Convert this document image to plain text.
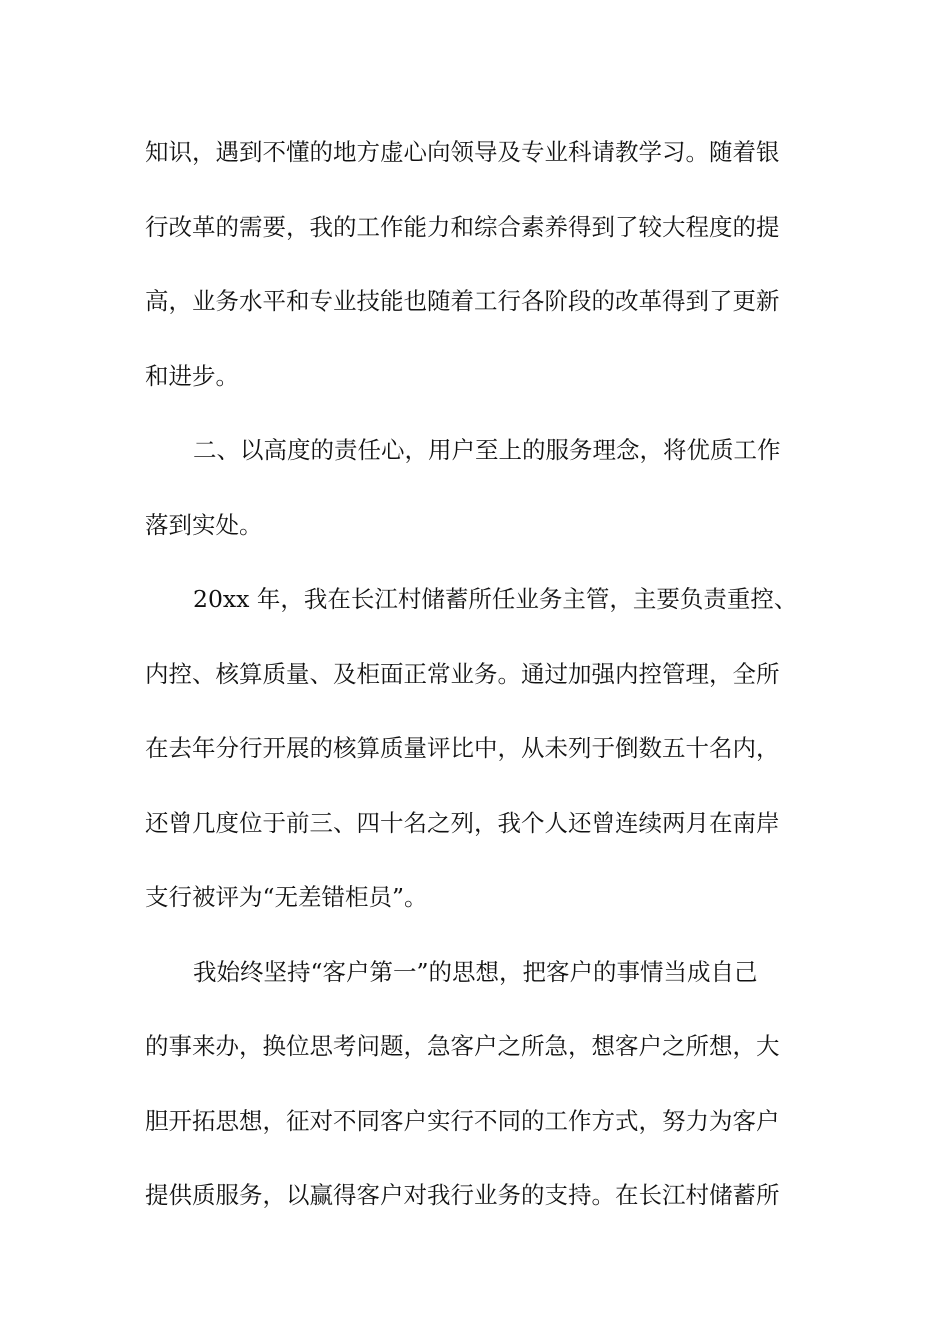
知识，遇到不懂的地方虚心向领导及专业科请教学习。随着银
行改革的需要，我的工作能力和综合素养得到了较大程度的提
高，业务水平和专业技能也随着工行各阶段的改革得到了更新
和进步。
二、以高度的责任心，用户至上的服务理念，将优质工作
落到实处。
20xx 年，我在长江村储蓄所任业务主管，主要负责重控、
内控、核算质量、及柜面正常业务。通过加强内控管理，全所
在去年分行开展的核算质量评比中，从未列于倒数五十名内，
还曾几度位于前三、四十名之列，我个人还曾连续两月在南岸
支行被评为“无差错柜员”。
我始终坚持“客户第一”的思想，把客户的事情当成自己
的事来办，换位思考问题，急客户之所急，想客户之所想，大
胆开拓思想，征对不同客户实行不同的工作方式，努力为客户
提供质服务，以赢得客户对我行业务的支持。在长江村储蓄所
